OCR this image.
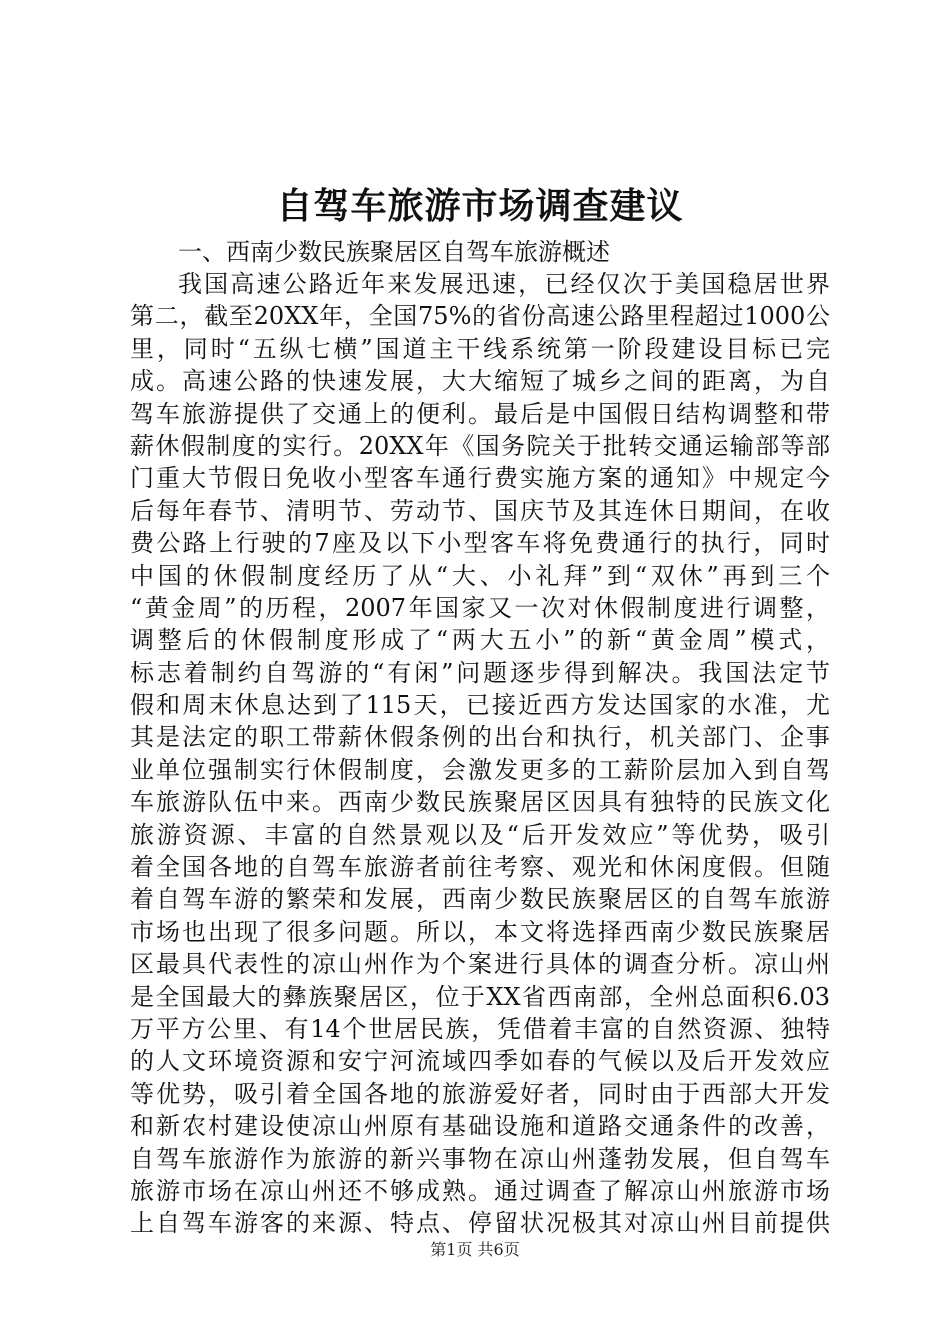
自驾车旅游市场调查建议

一、西南少数民族聚居区自驾车旅游概述

我国高速公路近年来发展迅速，已经仅次于美国稳居世界
第二，截至20XX年，全国75%的省份高速公路里程超过1000公
里，同时“五纵七横”国道主干线系统第一阶段建设目标已完
成。高速公路的快速发展，大大缩短了城乡之间的距离，为自
驾车旅游提供了交通上的便利。最后是中国假日结构调整和带
薪休假制度的实行。20XX年《国务院关于批转交通运输部等部
门重大节假日免收小型客车通行费实施方案的通知》中规定今
后每年春节、清明节、劳动节、国庆节及其连休日期间，在收
费公路上行驶的7座及以下小型客车将免费通行的执行，同时
中国的休假制度经历了从“大、小礼拜”到“双休”再到三个
“黄金周”的历程，2007年国家又一次对休假制度进行调整，
调整后的休假制度形成了“两大五小”的新“黄金周”模式，
标志着制约自驾游的“有闲”问题逐步得到解决。我国法定节
假和周末休息达到了115天，已接近西方发达国家的水准，尤
其是法定的职工带薪休假条例的出台和执行，机关部门、企事
业单位强制实行休假制度，会激发更多的工薪阶层加入到自驾
车旅游队伍中来。西南少数民族聚居区因具有独特的民族文化
旅游资源、丰富的自然景观以及“后开发效应”等优势，吸引
着全国各地的自驾车旅游者前往考察、观光和休闲度假。但随
着自驾车游的繁荣和发展，西南少数民族聚居区的自驾车旅游
市场也出现了很多问题。所以，本文将选择西南少数民族聚居
区最具代表性的凉山州作为个案进行具体的调查分析。凉山州
是全国最大的彝族聚居区，位于XX省西南部，全州总面积6.03
万平方公里、有14个世居民族，凭借着丰富的自然资源、独特
的人文环境资源和安宁河流域四季如春的气候以及后开发效应
等优势，吸引着全国各地的旅游爱好者，同时由于西部大开发
和新农村建设使凉山州原有基础设施和道路交通条件的改善，
自驾车旅游作为旅游的新兴事物在凉山州蓬勃发展，但自驾车
旅游市场在凉山州还不够成熟。通过调查了解凉山州旅游市场
上自驾车游客的来源、特点、停留状况极其对凉山州目前提供
第1页 共6页
